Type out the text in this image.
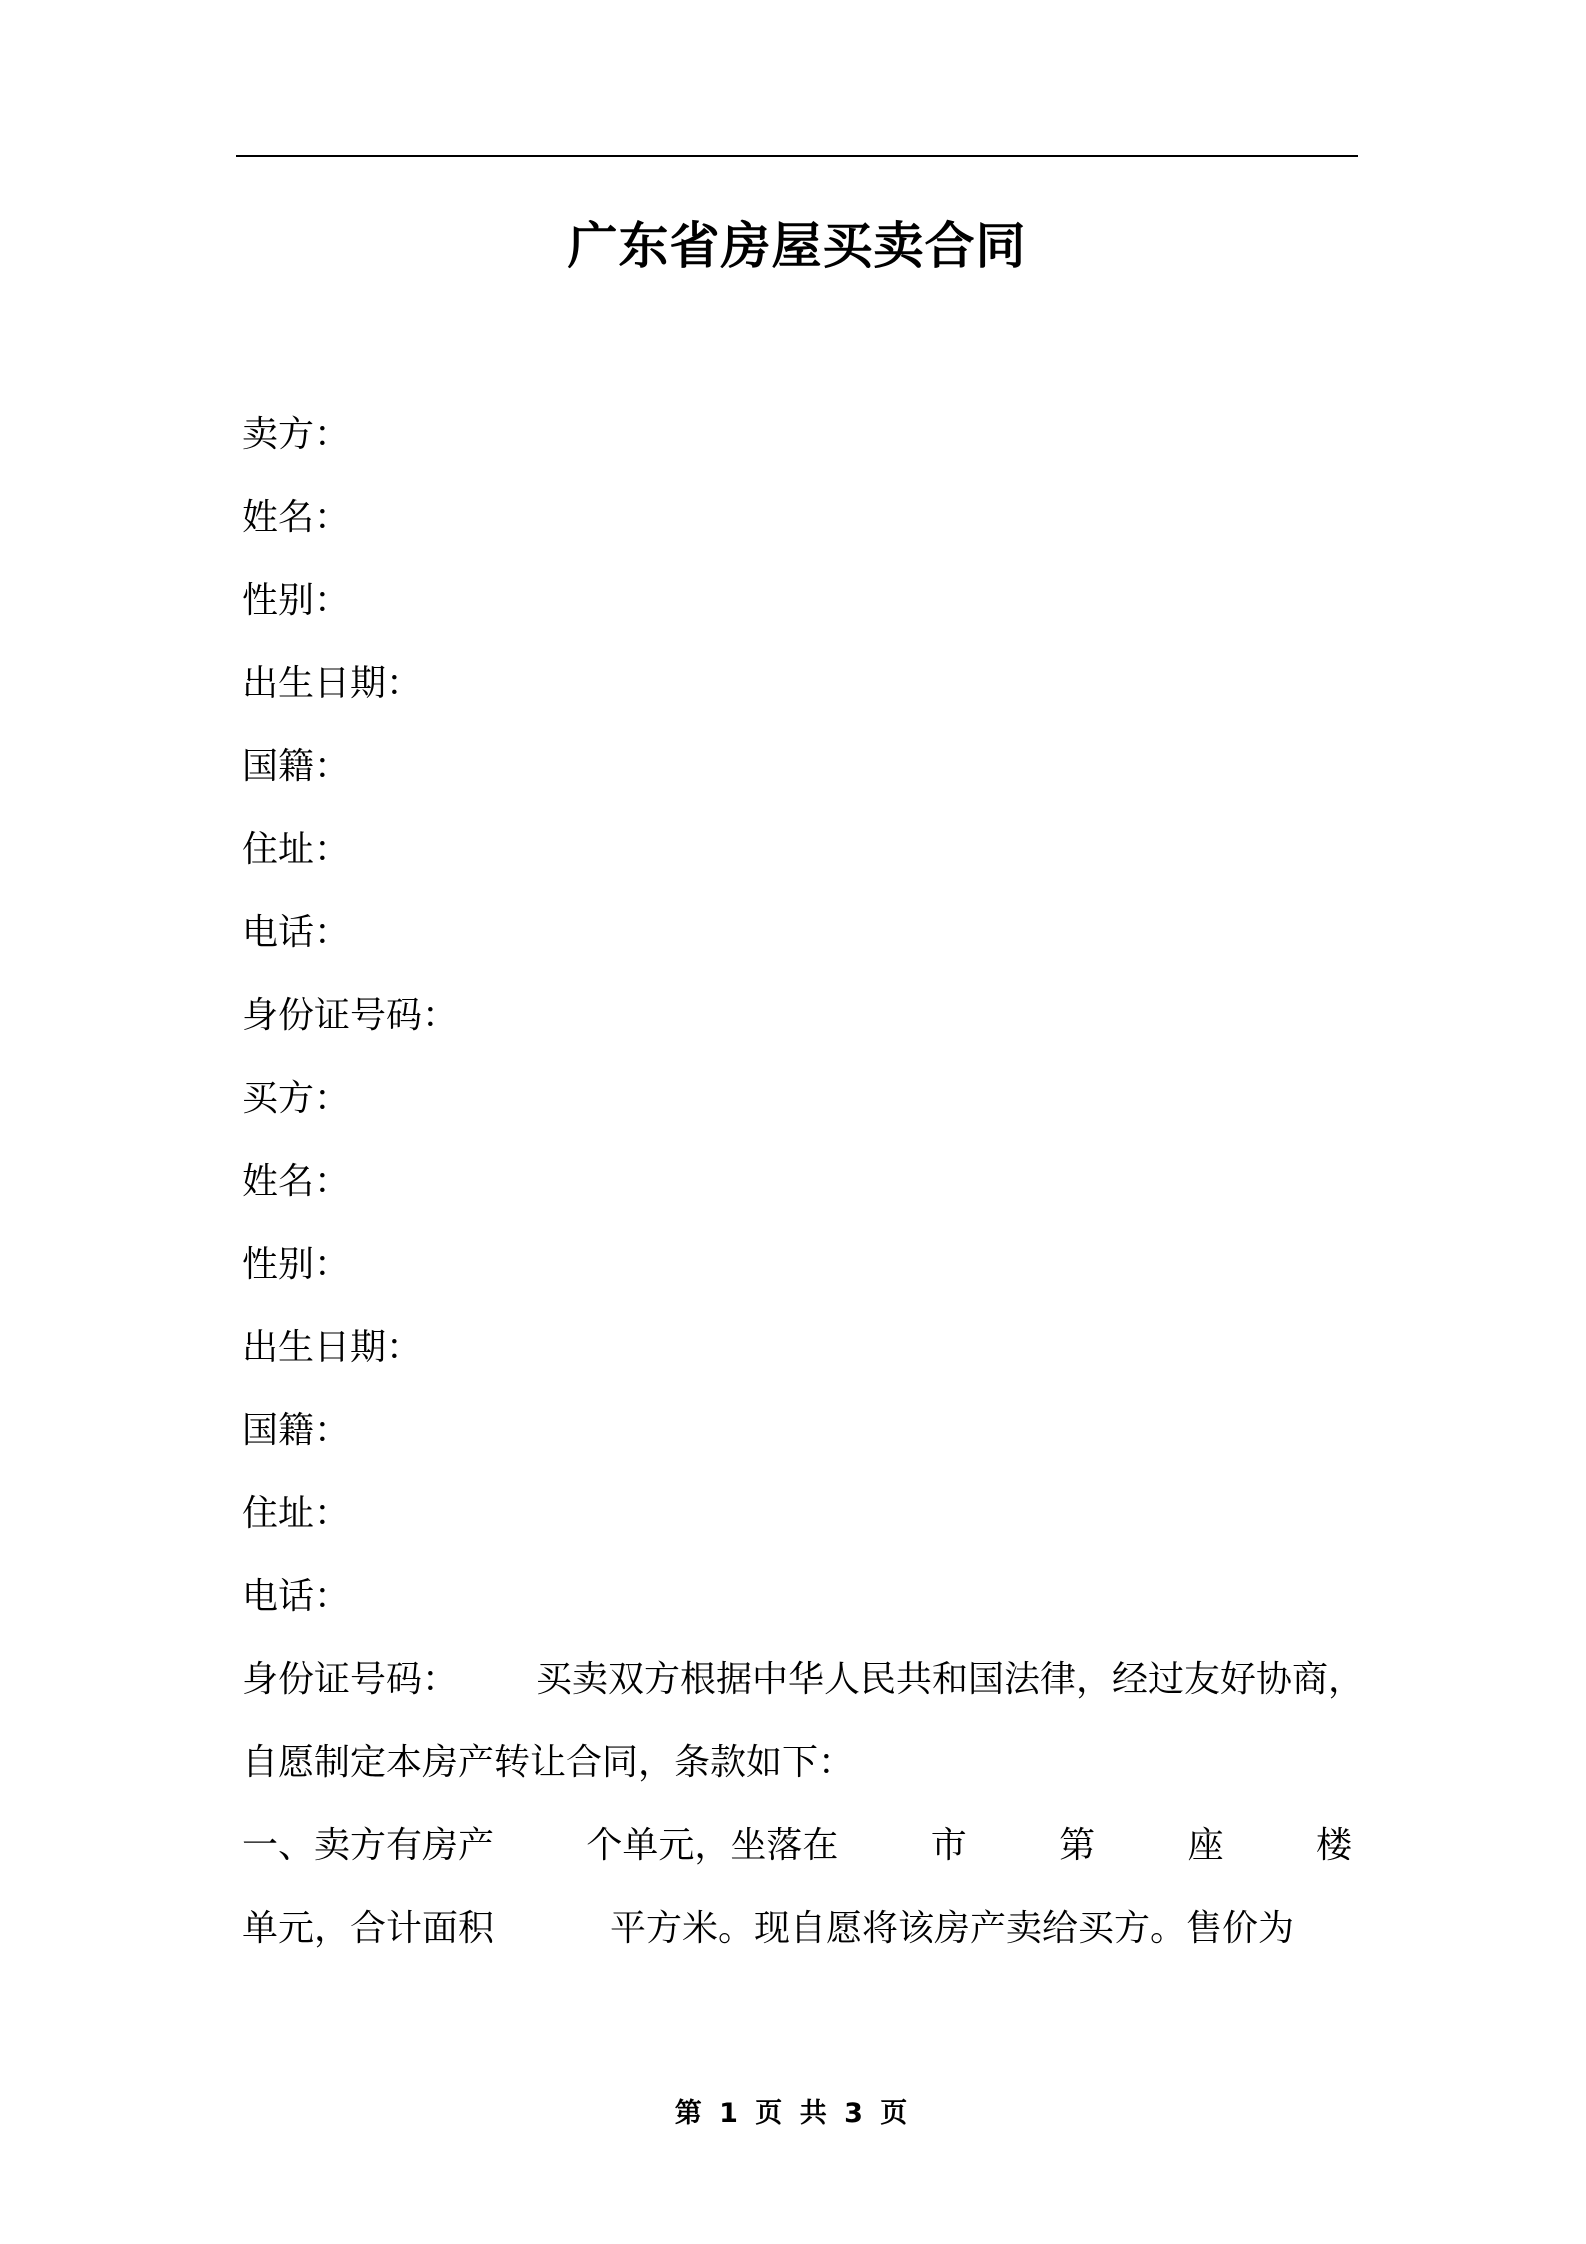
广东省房屋买卖合同
卖方：
姓名：
性别：
出生日期：
国籍：
住址：
电话：
身份证号码：
买方：
姓名：
性别：
出生日期：
国籍：
住址：
电话：
身份证号码： 买卖双方根据中华人民共和国法律，经过友好协商，
自愿制定本房产转让合同，条款如下：
一、卖方有房产	个单元，坐落在	市	第	座	楼
单元，合计面积	平方米。现自愿将该房产卖给买方。售价为
第 1 页 共 3 页
